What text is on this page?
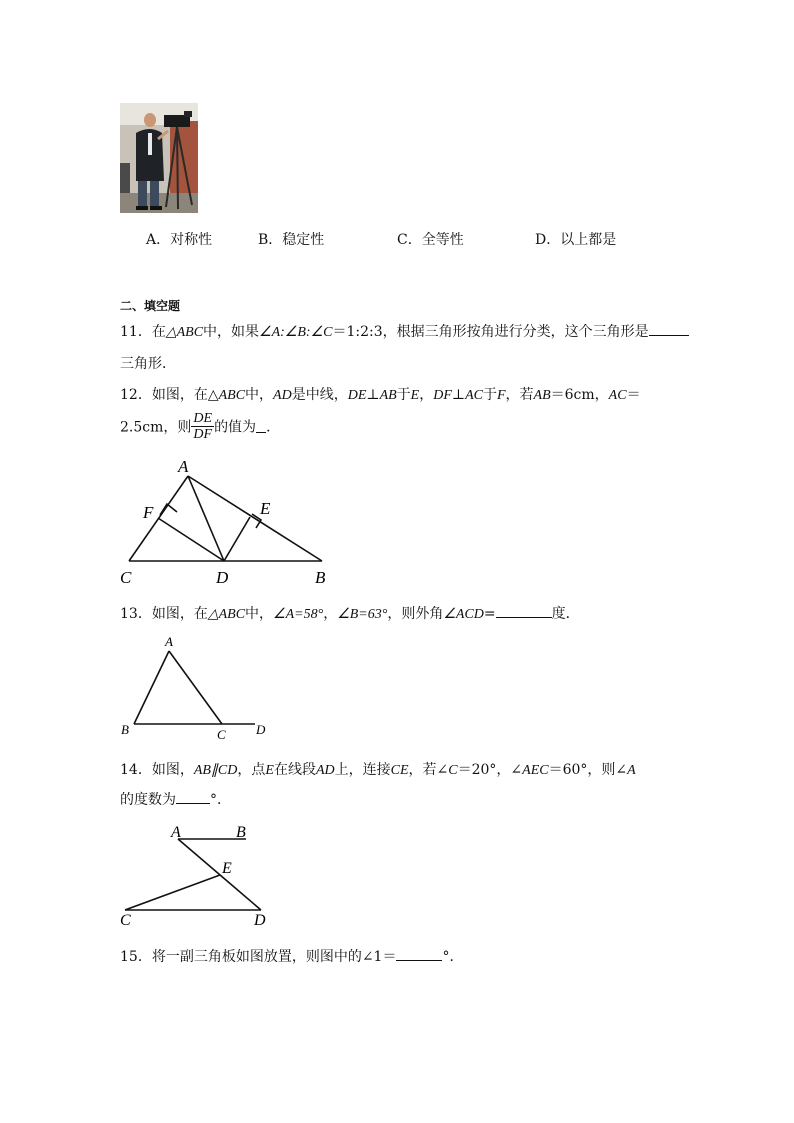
A．对称性	B．稳定性	C．全等性	D．以上都是
二、填空题
11．在△ABC中，如果∠A:∠B:∠C＝1:2:3，根据三角形按角进行分类，这个三角形是
三角形．
12．如图，在△ABC中，AD是中线，DE⊥AB于E，DF⊥AC于F，若AB＝6cm，AC＝
2.5cm，则 $\frac{DE}{DF}$ 的值为 ．
A
C	D	B
F	E
13．如图，在△ABC中，∠A=58°，∠B=63°，则外角∠ACD=	度．
A
B	C D
14．如图，AB∥CD，点E在线段AD上，连接CE，若∠C＝20°，∠AEC＝60°，则∠A
的度数为 °．
A	B
E
C	D
15．将一副三角板如图放置，则图中的∠1＝	°．
